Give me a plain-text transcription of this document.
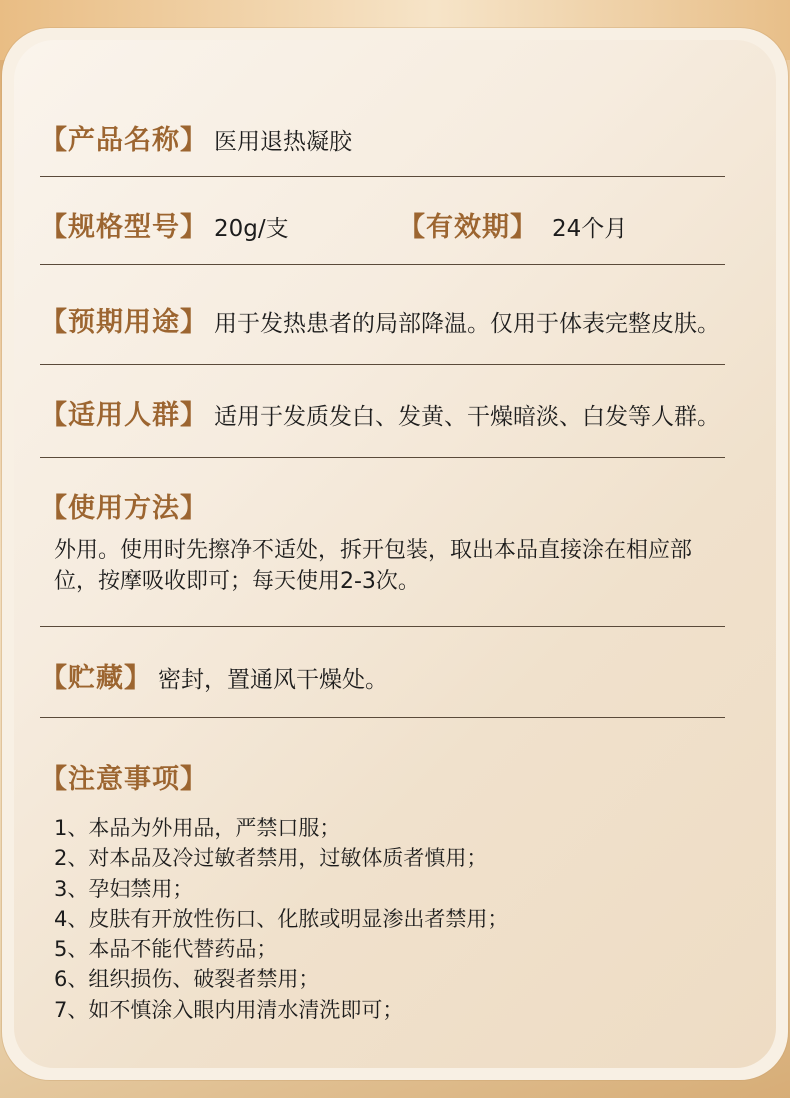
【产品名称】 医用退热凝胶
【规格型号】 20g/支	【有效期】 24个月
【预期用途】 用于发热患者的局部降温。仅用于体表完整皮肤。
【适用人群】 适用于发质发白、发黄、干燥暗淡、白发等人群。
【使用方法】
外用。使用时先擦净不适处，拆开包装，取出本品直接涂在相应部
位，按摩吸收即可；每天使用2-3次。
【贮藏】 密封，置通风干燥处。
【注意事项】
1、本品为外用品，严禁口服；
2、对本品及冷过敏者禁用，过敏体质者慎用；
3、孕妇禁用；
4、皮肤有开放性伤口、化脓或明显渗出者禁用；
5、本品不能代替药品；
6、组织损伤、破裂者禁用；
7、如不慎涂入眼内用清水清洗即可；
